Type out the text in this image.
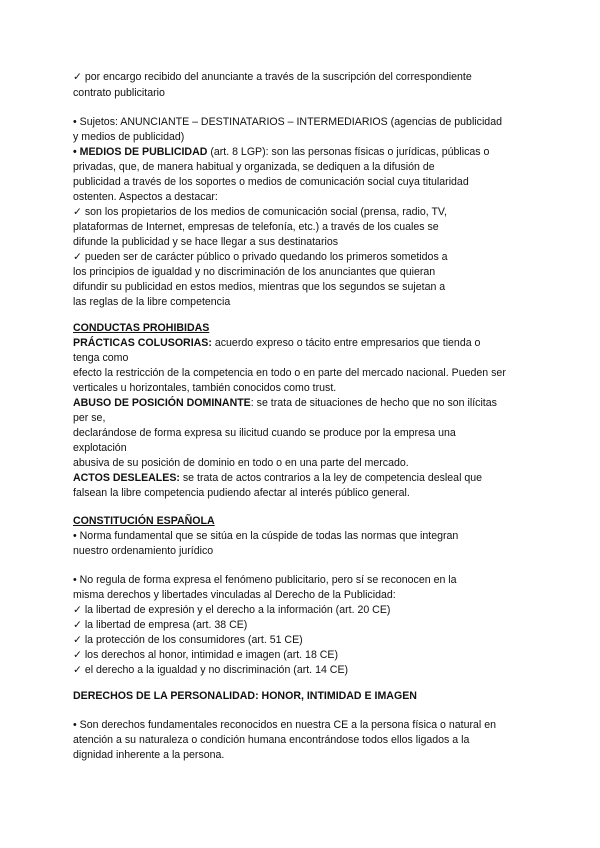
✓ por encargo recibido del anunciante a través de la suscripción del correspondiente
contrato publicitario
• Sujetos: ANUNCIANTE – DESTINATARIOS – INTERMEDIARIOS (agencias de publicidad
y medios de publicidad)
• MEDIOS DE PUBLICIDAD (art. 8 LGP): son las personas físicas o jurídicas, públicas o
privadas, que, de manera habitual y organizada, se dediquen a la difusión de
publicidad a través de los soportes o medios de comunicación social cuya titularidad
ostenten. Aspectos a destacar:
✓ son los propietarios de los medios de comunicación social (prensa, radio, TV,
plataformas de Internet, empresas de telefonía, etc.) a través de los cuales se
difunde la publicidad y se hace llegar a sus destinatarios
✓ pueden ser de carácter público o privado quedando los primeros sometidos a
los principios de igualdad y no discriminación de los anunciantes que quieran
difundir su publicidad en estos medios, mientras que los segundos se sujetan a
las reglas de la libre competencia
CONDUCTAS PROHIBIDAS
PRÁCTICAS COLUSORIAS: acuerdo expreso o tácito entre empresarios que tienda o
tenga como
efecto la restricción de la competencia en todo o en parte del mercado nacional. Pueden ser
verticales u horizontales, también conocidos como trust.
ABUSO DE POSICIÓN DOMINANTE: se trata de situaciones de hecho que no son ilícitas
per se,
declarándose de forma expresa su ilicitud cuando se produce por la empresa una
explotación
abusiva de su posición de dominio en todo o en una parte del mercado.
ACTOS DESLEALES: se trata de actos contrarios a la ley de competencia desleal que
falsean la libre competencia pudiendo afectar al interés público general.
CONSTITUCIÓN ESPAÑOLA
• Norma fundamental que se sitúa en la cúspide de todas las normas que integran
nuestro ordenamiento jurídico
• No regula de forma expresa el fenómeno publicitario, pero sí se reconocen en la
misma derechos y libertades vinculadas al Derecho de la Publicidad:
✓ la libertad de expresión y el derecho a la información (art. 20 CE)
✓ la libertad de empresa (art. 38 CE)
✓ la protección de los consumidores (art. 51 CE)
✓ los derechos al honor, intimidad e imagen (art. 18 CE)
✓ el derecho a la igualdad y no discriminación (art. 14 CE)
DERECHOS DE LA PERSONALIDAD: HONOR, INTIMIDAD E IMAGEN
• Son derechos fundamentales reconocidos en nuestra CE a la persona física o natural en
atención a su naturaleza o condición humana encontrándose todos ellos ligados a la
dignidad inherente a la persona.
